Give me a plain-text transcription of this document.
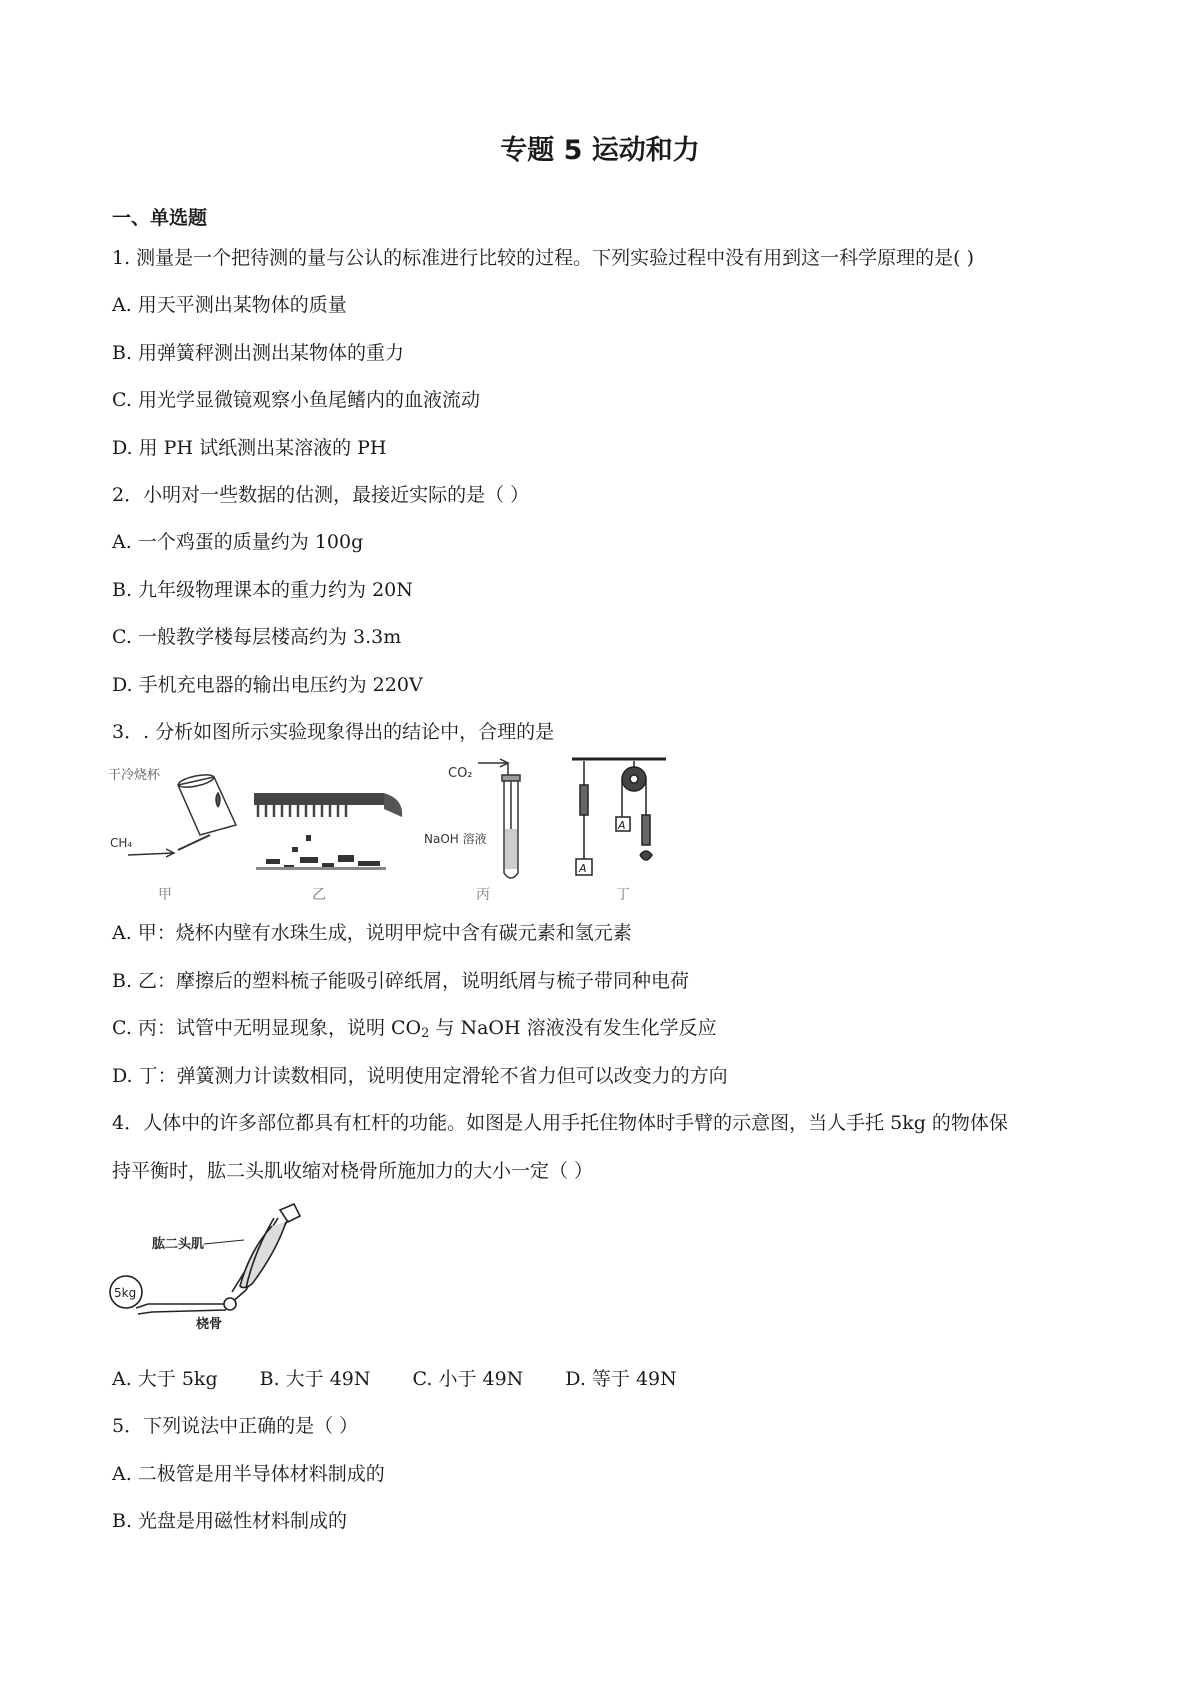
专题 5 运动和力
一、单选题
1. 测量是一个把待测的量与公认的标准进行比较的过程。下列实验过程中没有用到这一科学原理的是( )
A. 用天平测出某物体的质量
B. 用弹簧秤测出测出某物体的重力
C. 用光学显微镜观察小鱼尾鳍内的血液流动
D. 用 PH 试纸测出某溶液的 PH
2．小明对一些数据的估测，最接近实际的是（ ）
A. 一个鸡蛋的质量约为 100g
B. 九年级物理课本的重力约为 20N
C. 一般教学楼每层楼高约为 3.3m
D. 手机充电器的输出电压约为 220V
3．. 分析如图所示实验现象得出的结论中，合理的是
干冷烧杯
CH₄
甲	乙
CO₂
NaOH 溶液
丙
A
A
丁
A. 甲：烧杯内壁有水珠生成，说明甲烷中含有碳元素和氢元素
B. 乙：摩擦后的塑料梳子能吸引碎纸屑，说明纸屑与梳子带同种电荷
C. 丙：试管中无明显现象，说明 $CO_2$ 与 NaOH 溶液没有发生化学反应
D. 丁：弹簧测力计读数相同，说明使用定滑轮不省力但可以改变力的方向
4．人体中的许多部位都具有杠杆的功能。如图是人用手托住物体时手臂的示意图，当人手托 5kg 的物体保
持平衡时，肱二头肌收缩对桡骨所施加力的大小一定（ ）
5kg
肱二头肌
桡骨
A. 大于 5kg B. 大于 49N C. 小于 49N D. 等于 49N
5．下列说法中正确的是（ ）
A. 二极管是用半导体材料制成的
B. 光盘是用磁性材料制成的
